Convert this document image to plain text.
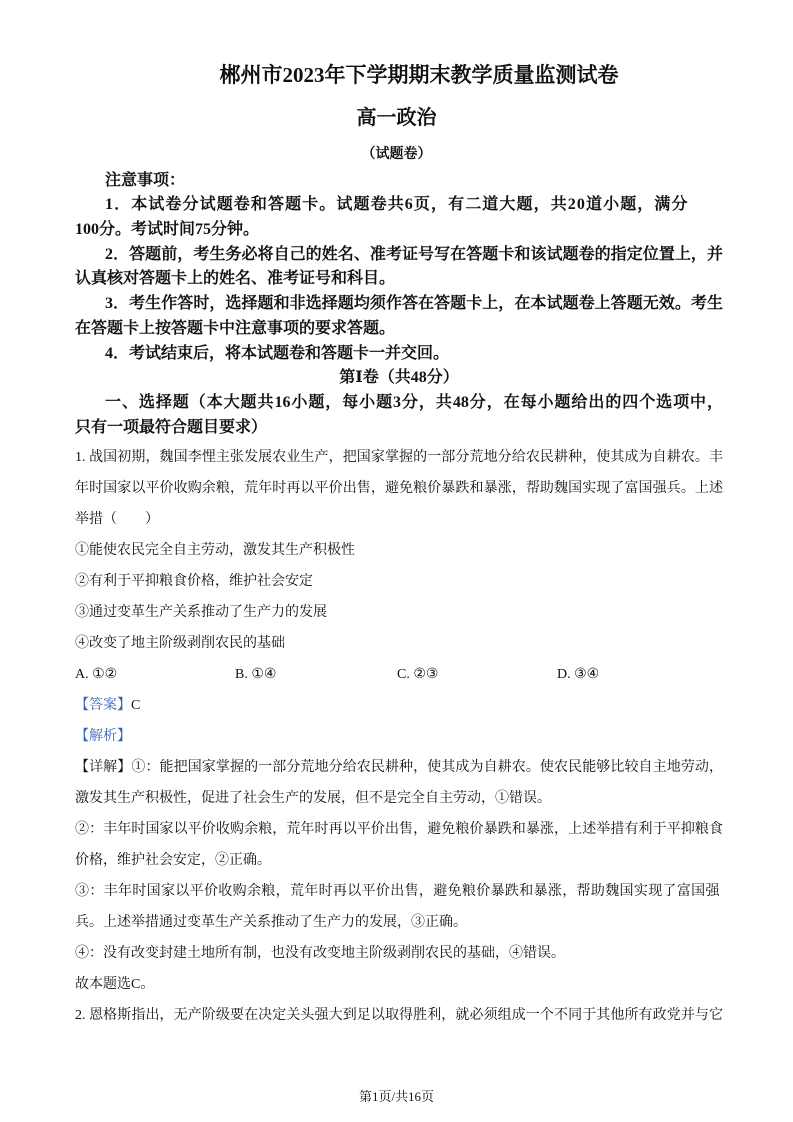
郴州市2023年下学期期末教学质量监测试卷
高一政治
（试题卷）
注意事项：
1．本试卷分试题卷和答题卡。试题卷共6页，有二道大题，共20道小题，满分
100分。考试时间75分钟。
2．答题前，考生务必将自己的姓名、准考证号写在答题卡和该试题卷的指定位置上，并
认真核对答题卡上的姓名、准考证号和科目。
3．考生作答时，选择题和非选择题均须作答在答题卡上，在本试题卷上答题无效。考生
在答题卡上按答题卡中注意事项的要求答题。
4．考试结束后，将本试题卷和答题卡一并交回。
第Ⅰ卷（共48分）
一、选择题（本大题共16小题，每小题3分，共48分，在每小题给出的四个选项中，
只有一项最符合题目要求）
1. 战国初期，魏国李悝主张发展农业生产，把国家掌握的一部分荒地分给农民耕种，使其成为自耕农。丰
年时国家以平价收购余粮，荒年时再以平价出售，避免粮价暴跌和暴涨，帮助魏国实现了富国强兵。上述
举措（　　）
①能使农民完全自主劳动，激发其生产积极性
②有利于平抑粮食价格，维护社会安定
③通过变革生产关系推动了生产力的发展
④改变了地主阶级剥削农民的基础
A. ①②	B. ①④	C. ②③	D. ③④
【答案】C
【解析】
【详解】①：能把国家掌握的一部分荒地分给农民耕种，使其成为自耕农。使农民能够比较自主地劳动，
激发其生产积极性，促进了社会生产的发展，但不是完全自主劳动，①错误。
②：丰年时国家以平价收购余粮，荒年时再以平价出售，避免粮价暴跌和暴涨，上述举措有利于平抑粮食
价格，维护社会安定，②正确。
③：丰年时国家以平价收购余粮，荒年时再以平价出售，避免粮价暴跌和暴涨，帮助魏国实现了富国强
兵。上述举措通过变革生产关系推动了生产力的发展，③正确。
④：没有改变封建土地所有制，也没有改变地主阶级剥削农民的基础，④错误。
故本题选C。
2. 恩格斯指出，无产阶级要在决定关头强大到足以取得胜利，就必须组成一个不同于其他所有政党并与它
第1页/共16页
